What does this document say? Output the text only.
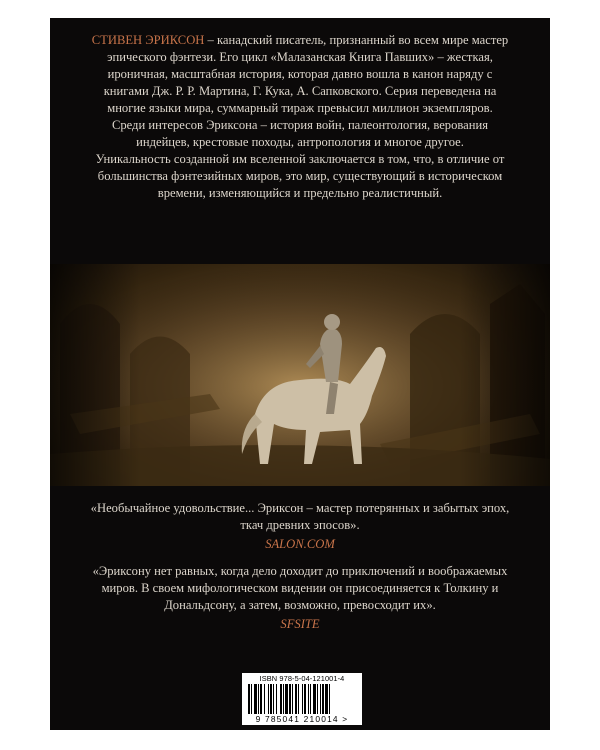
СТИВЕН ЭРИКСОН – канадский писатель, признанный во всем мире мастер эпического фэнтези. Его цикл «Малазанская Книга Павших» – жесткая, ироничная, масштабная история, которая давно вошла в канон наряду с книгами Дж. Р. Р. Мартина, Г. Кука, А. Сапковского. Серия переведена на многие языки мира, суммарный тираж превысил миллион экземпляров.

Среди интересов Эриксона – история войн, палеонтология, верования индейцев, крестовые походы, антропология и многое другое.

Уникальность созданной им вселенной заключается в том, что, в отличие от большинства фэнтезийных миров, это мир, существующий в историческом времени, изменяющийся и предельно реалистичный.

«Необычайное удовольствие... Эриксон – мастер потерянных и забытых эпох, ткач древних эпосов».

SALON.COM

«Эриксону нет равных, когда дело доходит до приключений и воображаемых миров. В своем мифологическом видении он присоединяется к Толкину и Дональдсону, а затем, возможно, превосходит их».

SFSITE

ISBN 978-5-04-121001-4
9 785041 210014 >
